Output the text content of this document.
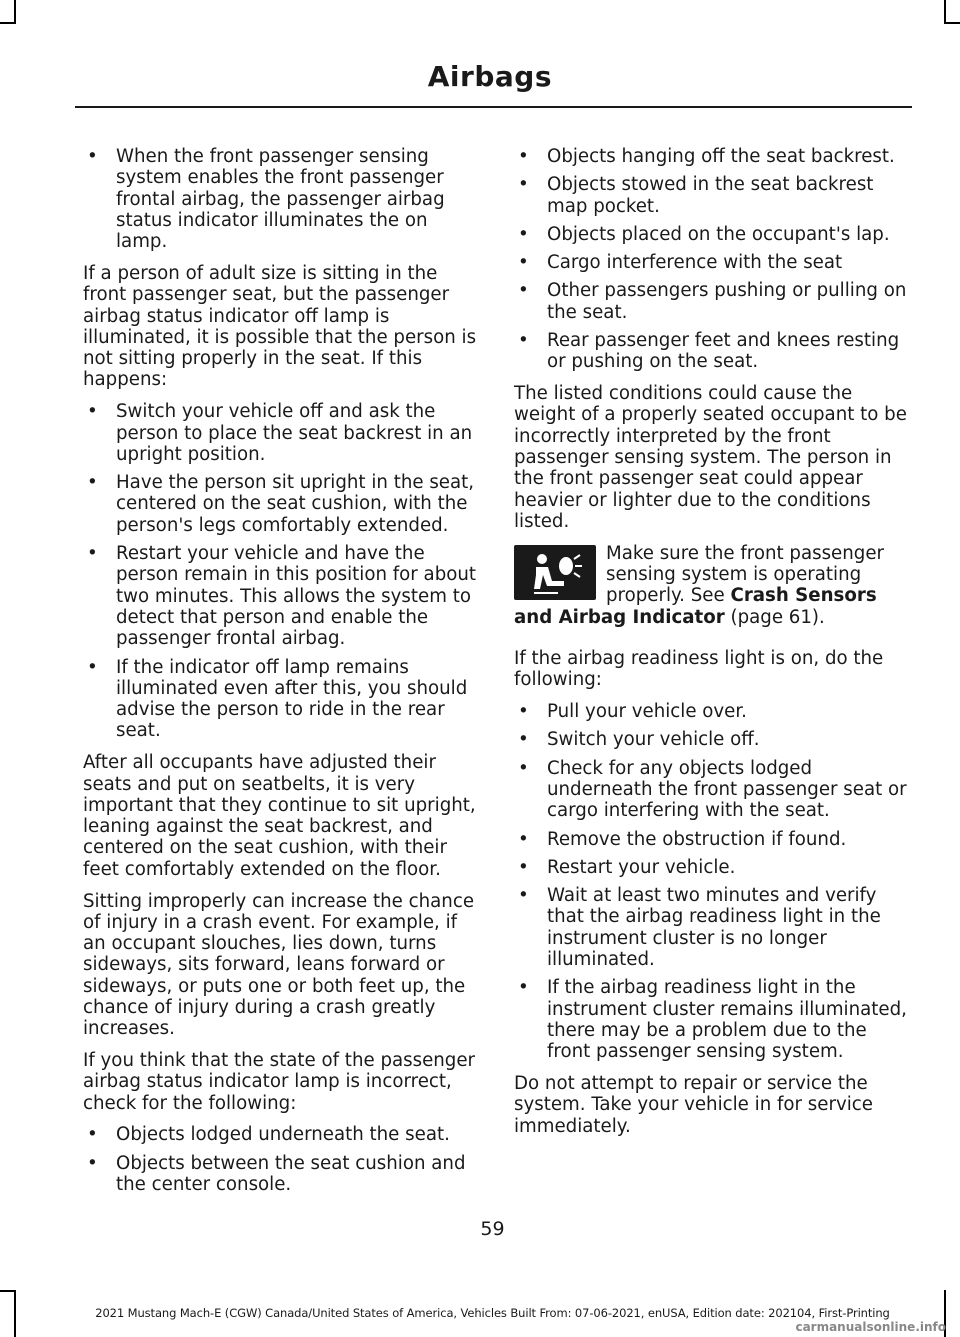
Airbags
• When the front passenger sensing system enables the front passenger frontal airbag, the passenger airbag status indicator illuminates the on lamp.

If a person of adult size is sitting in the front passenger seat, but the passenger airbag status indicator off lamp is illuminated, it is possible that the person is not sitting properly in the seat. If this happens:

• Switch your vehicle off and ask the person to place the seat backrest in an upright position.
• Have the person sit upright in the seat, centered on the seat cushion, with the person's legs comfortably extended.
• Restart your vehicle and have the person remain in this position for about two minutes. This allows the system to detect that person and enable the passenger frontal airbag.
• If the indicator off lamp remains illuminated even after this, you should advise the person to ride in the rear seat.

After all occupants have adjusted their seats and put on seatbelts, it is very important that they continue to sit upright, leaning against the seat backrest, and centered on the seat cushion, with their feet comfortably extended on the floor.

Sitting improperly can increase the chance of injury in a crash event. For example, if an occupant slouches, lies down, turns sideways, sits forward, leans forward or sideways, or puts one or both feet up, the chance of injury during a crash greatly increases.

If you think that the state of the passenger airbag status indicator lamp is incorrect, check for the following:

• Objects lodged underneath the seat.
• Objects between the seat cushion and the center console.
• Objects hanging off the seat backrest.
• Objects stowed in the seat backrest map pocket.
• Objects placed on the occupant's lap.
• Cargo interference with the seat
• Other passengers pushing or pulling on the seat.
• Rear passenger feet and knees resting or pushing on the seat.

The listed conditions could cause the weight of a properly seated occupant to be incorrectly interpreted by the front passenger sensing system. The person in the front passenger seat could appear heavier or lighter due to the conditions listed.

Make sure the front passenger sensing system is operating properly. See Crash Sensors and Airbag Indicator (page 61).

If the airbag readiness light is on, do the following:

• Pull your vehicle over.
• Switch your vehicle off.
• Check for any objects lodged underneath the front passenger seat or cargo interfering with the seat.
• Remove the obstruction if found.
• Restart your vehicle.
• Wait at least two minutes and verify that the airbag readiness light in the instrument cluster is no longer illuminated.
• If the airbag readiness light in the instrument cluster remains illuminated, there may be a problem due to the front passenger sensing system.

Do not attempt to repair or service the system. Take your vehicle in for service immediately.

59
2021 Mustang Mach-E (CGW) Canada/United States of America, Vehicles Built From: 07-06-2021, enUSA, Edition date: 202104, First-Printing
carmanualsonline.info
